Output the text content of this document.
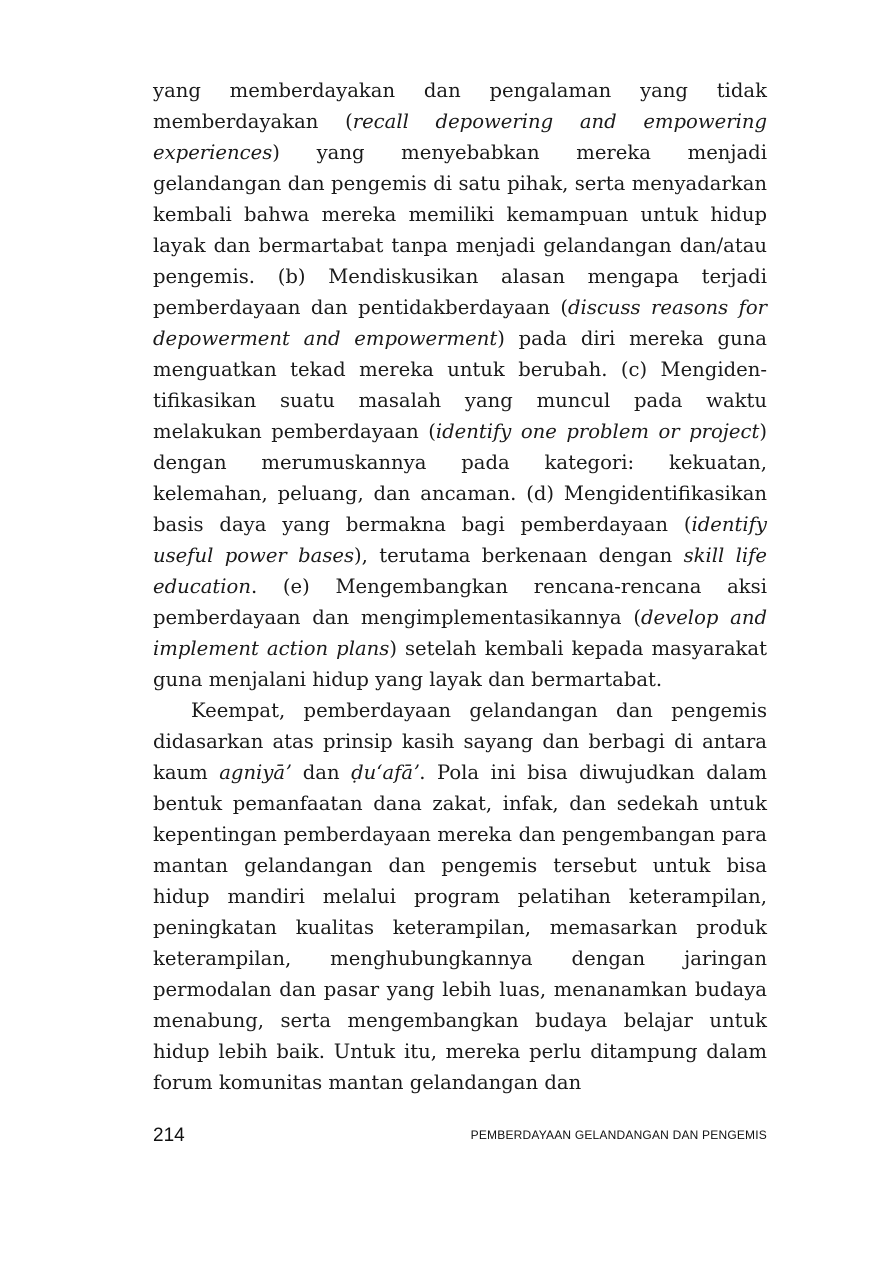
yang memberdayakan dan pengalaman yang tidak memberdayakan (recall depowering and empowering experiences) yang menyebabkan mereka menjadi gelandangan dan pengemis di satu pihak, serta menyadarkan kembali bahwa mereka memiliki kemampuan untuk hidup layak dan bermartabat tanpa menjadi gelandangan dan/atau pengemis. (b) Mendiskusikan alasan mengapa terjadi pemberdayaan dan pentidakberdayaan (discuss reasons for depowerment and empowerment) pada diri mereka guna menguatkan tekad mereka untuk berubah. (c) Mengidentifikasikan suatu masalah yang muncul pada waktu melakukan pemberdayaan (identify one problem or project) dengan merumuskannya pada kategori: kekuatan, kelemahan, peluang, dan ancaman. (d) Mengidentifikasikan basis daya yang bermakna bagi pemberdayaan (identify useful power bases), terutama berkenaan dengan skill life education. (e) Mengembangkan rencana-rencana aksi pemberdayaan dan mengimplementasikannya (develop and implement action plans) setelah kembali kepada masyarakat guna menjalani hidup yang layak dan bermartabat.

Keempat, pemberdayaan gelandangan dan pengemis didasarkan atas prinsip kasih sayang dan berbagi di antara kaum agniyāʼ dan ḍu‘afāʼ. Pola ini bisa diwujudkan dalam bentuk pemanfaatan dana zakat, infak, dan sedekah untuk kepentingan pemberdayaan mereka dan pengembangan para mantan gelandangan dan pengemis tersebut untuk bisa hidup mandiri melalui program pelatihan keterampilan, peningkatan kualitas keterampilan, memasarkan produk keterampilan, menghubungkannya dengan jaringan permodalan dan pasar yang lebih luas, menanamkan budaya menabung, serta mengembangkan budaya belajar untuk hidup lebih baik. Untuk itu, mereka perlu ditampung dalam forum komunitas mantan gelandangan dan

214	PEMBERDAYAAN GELANDANGAN DAN PENGEMIS
